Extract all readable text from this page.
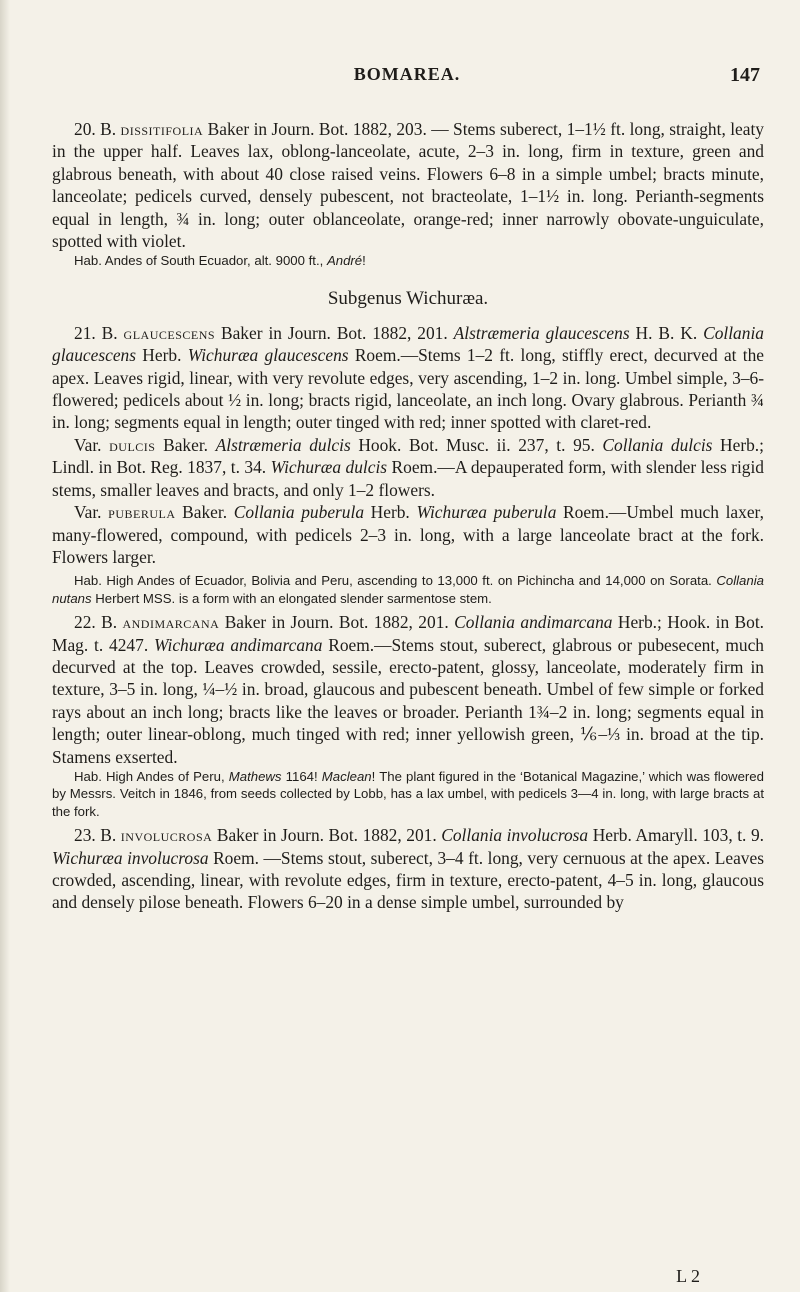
BOMAREA.	147

20. B. dissitifolia Baker in Journ. Bot. 1882, 203. — Stems suberect, 1–1½ ft. long, straight, leaty in the upper half. Leaves lax, oblong-lanceolate, acute, 2–3 in. long, firm in texture, green and glabrous beneath, with about 40 close raised veins. Flowers 6–8 in a simple umbel; bracts minute, lanceolate; pedicels curved, densely pubescent, not bracteolate, 1–1½ in. long. Perianth-segments equal in length, ¾ in. long; outer oblanceolate, orange-red; inner narrowly obovate-unguiculate, spotted with violet.

Hab. Andes of South Ecuador, alt. 9000 ft., André!

Subgenus Wichuræa.

21. B. glaucescens Baker in Journ. Bot. 1882, 201. Alstræmeria glaucescens H. B. K. Collania glaucescens Herb. Wichuræa glaucescens Roem.—Stems 1–2 ft. long, stiffly erect, decurved at the apex. Leaves rigid, linear, with very revolute edges, very ascending, 1–2 in. long. Umbel simple, 3–6-flowered; pedicels about ½ in. long; bracts rigid, lanceolate, an inch long. Ovary glabrous. Perianth ¾ in. long; segments equal in length; outer tinged with red; inner spotted with claret-red.

Var. dulcis Baker. Alstræmeria dulcis Hook. Bot. Musc. ii. 237, t. 95. Collania dulcis Herb.; Lindl. in Bot. Reg. 1837, t. 34. Wichuræa dulcis Roem.—A depauperated form, with slender less rigid stems, smaller leaves and bracts, and only 1–2 flowers.

Var. puberula Baker. Collania puberula Herb. Wichuræa puberula Roem.—Umbel much laxer, many-flowered, compound, with pedicels 2–3 in. long, with a large lanceolate bract at the fork. Flowers larger.

Hab. High Andes of Ecuador, Bolivia and Peru, ascending to 13,000 ft. on Pichincha and 14,000 on Sorata. Collania nutans Herbert MSS. is a form with an elongated slender sarmentose stem.

22. B. andimarcana Baker in Journ. Bot. 1882, 201. Collania andimarcana Herb.; Hook. in Bot. Mag. t. 4247. Wichuræa andimarcana Roem.—Stems stout, suberect, glabrous or pubesecent, much decurved at the top. Leaves crowded, sessile, erecto-patent, glossy, lanceolate, moderately firm in texture, 3–5 in. long, ¼–½ in. broad, glaucous and pubescent beneath. Umbel of few simple or forked rays about an inch long; bracts like the leaves or broader. Perianth 1¾–2 in. long; segments equal in length; outer linear-oblong, much tinged with red; inner yellowish green, ⅙–⅓ in. broad at the tip. Stamens exserted.

Hab. High Andes of Peru, Mathews 1164! Maclean! The plant figured in the ‘Botanical Magazine,’ which was flowered by Messrs. Veitch in 1846, from seeds collected by Lobb, has a lax umbel, with pedicels 3—4 in. long, with large bracts at the fork.

23. B. involucrosa Baker in Journ. Bot. 1882, 201. Collania involucrosa Herb. Amaryll. 103, t. 9. Wichuræa involucrosa Roem. —Stems stout, suberect, 3–4 ft. long, very cernuous at the apex. Leaves crowded, ascending, linear, with revolute edges, firm in texture, erecto-patent, 4–5 in. long, glaucous and densely pilose beneath. Flowers 6–20 in a dense simple umbel, surrounded by

L 2
